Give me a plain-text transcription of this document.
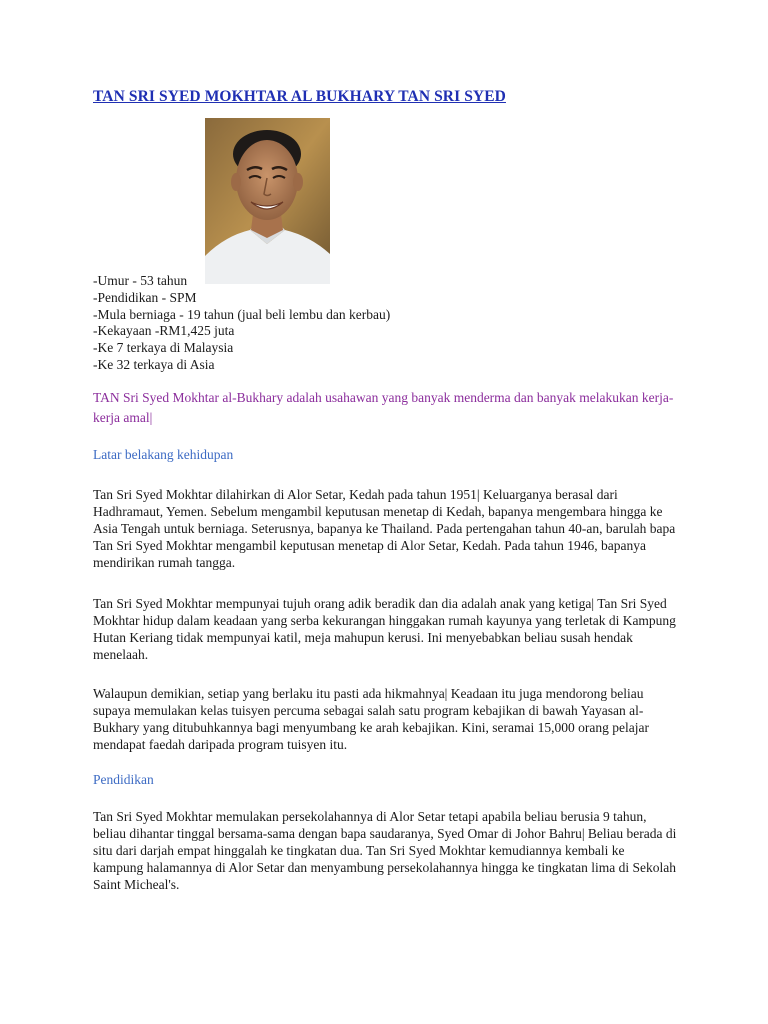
TAN SRI SYED MOKHTAR AL BUKHARY TAN SRI SYED
-Umur - 53 tahun
-Pendidikan - SPM
-Mula berniaga - 19 tahun (jual beli lembu dan kerbau)
-Kekayaan -RM1,425 juta
-Ke 7 terkaya di Malaysia
-Ke 32 terkaya di Asia
TAN Sri Syed Mokhtar al-Bukhary adalah usahawan yang banyak menderma dan banyak melakukan kerja-kerja amal|
Latar belakang kehidupan
Tan Sri Syed Mokhtar dilahirkan di Alor Setar, Kedah pada tahun 1951| Keluarganya berasal dari Hadhramaut, Yemen. Sebelum mengambil keputusan menetap di Kedah, bapanya mengembara hingga ke Asia Tengah untuk berniaga. Seterusnya, bapanya ke Thailand. Pada pertengahan tahun 40-an, barulah bapa Tan Sri Syed Mokhtar mengambil keputusan menetap di Alor Setar, Kedah. Pada tahun 1946, bapanya mendirikan rumah tangga.
Tan Sri Syed Mokhtar mempunyai tujuh orang adik beradik dan dia adalah anak yang ketiga| Tan Sri Syed Mokhtar hidup dalam keadaan yang serba kekurangan hinggakan rumah kayunya yang terletak di Kampung Hutan Keriang tidak mempunyai katil, meja mahupun kerusi. Ini menyebabkan beliau susah hendak menelaah.
Walaupun demikian, setiap yang berlaku itu pasti ada hikmahnya| Keadaan itu juga mendorong beliau supaya memulakan kelas tuisyen percuma sebagai salah satu program kebajikan di bawah Yayasan al-Bukhary yang ditubuhkannya bagi menyumbang ke arah kebajikan. Kini, seramai 15,000 orang pelajar mendapat faedah daripada program tuisyen itu.
Pendidikan
Tan Sri Syed Mokhtar memulakan persekolahannya di Alor Setar tetapi apabila beliau berusia 9 tahun, beliau dihantar tinggal bersama-sama dengan bapa saudaranya, Syed Omar di Johor Bahru| Beliau berada di situ dari darjah empat hinggalah ke tingkatan dua. Tan Sri Syed Mokhtar kemudiannya kembali ke kampung halamannya di Alor Setar dan menyambung persekolahannya hingga ke tingkatan lima di Sekolah Saint Micheal's.
